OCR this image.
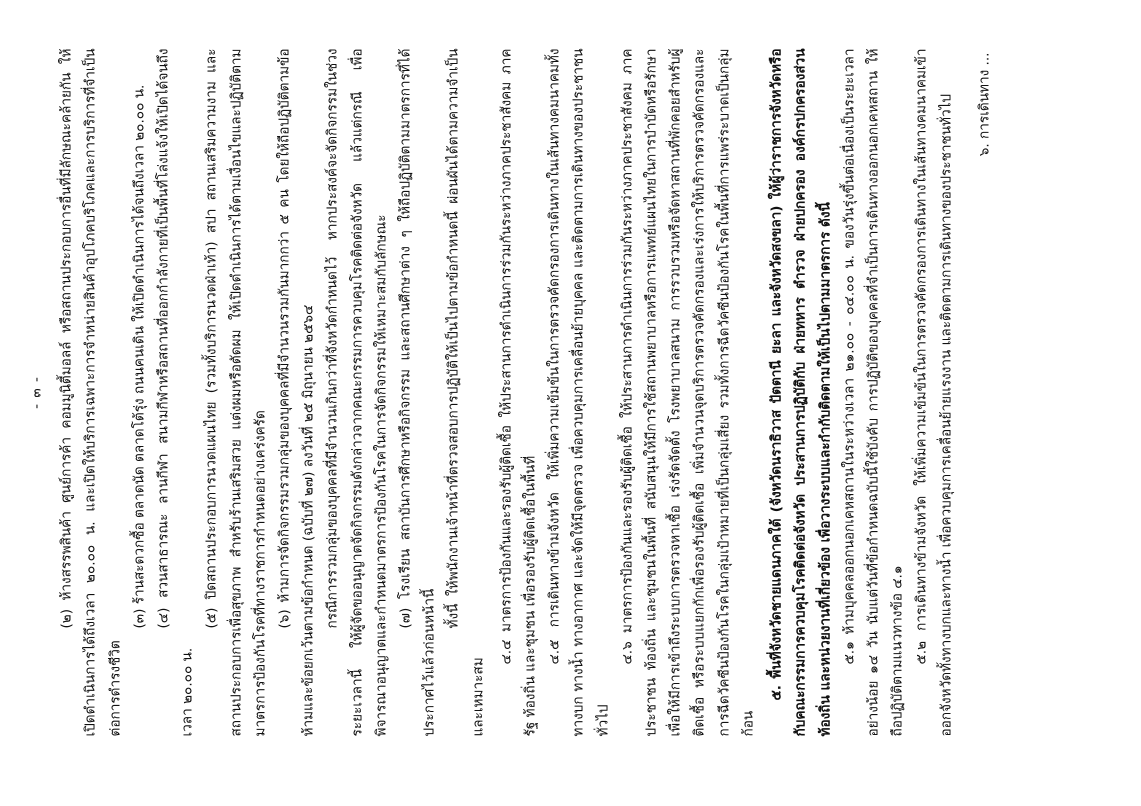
- ๓ -	(๒) ห้างสรรพสินค้า ศูนย์การค้า คอมมูนิตี้มอลล์ หรือสถานประกอบการอื่นที่มีลักษณะคล้ายกัน ให้เปิดดำเนินการได้ถึงเวลา ๒๐.๐๐ น. และเปิดให้บริการเฉพาะการจำหน่ายสินค้าอุปโภคบริโภคและการบริการที่จำเป็นต่อการดำรงชีวิต

(๓) ร้านสะดวกซื้อ ตลาดนัด ตลาดโต้รุ่ง ถนนคนเดิน ให้เปิดดำเนินการได้จนถึงเวลา ๒๐.๐๐ น. (๔) สวนสาธารณะ ลานกีฬา สนามกีฬาหรือสถานที่ออกกำลังกายที่เป็นพื้นที่โล่งแจ้งให้เปิดได้จนถึงเวลา ๒๐.๐๐ น.

(๕) ปิดสถานประกอบการนวดแผนไทย (รวมทั้งบริการนวดฝ่าเท้า) สปา สถานเสริมความงาม และสถานประกอบการเพื่อสุขภาพ สำหรับร้านเสริมสวย แต่งผมหรือตัดผม ให้เปิดดำเนินการได้ตามเงื่อนไขและปฏิบัติตามมาตรการป้องกันโรคที่ทางราชการกำหนดอย่างเคร่งครัด (๖) ห้ามการจัดกิจกรรมรวมกลุ่มของบุคคลที่มีจำนวนรวมกันมากกว่า ๕ คน โดยให้ถือปฏิบัติตามข้อห้ามและข้อยกเว้นตามข้อกำหนด (ฉบับที่ ๒๗) ลงวันที่ ๒๕ มิถุนายน ๒๕๖๔ กรณีการรวมกลุ่มของบุคคลที่มีจำนวนเกินกว่าที่จังหวัดกำหนดไว้ หากประสงค์จะจัดกิจกรรมในช่วงระยะเวลานี้ ให้ผู้จัดขออนุญาตจัดกิจกรรมดังกล่าวจากคณะกรรมการควบคุมโรคติดต่อจังหวัด แล้วแต่กรณี เพื่อพิจารณาอนุญาตและกำหนดมาตรการป้องกันโรคในการจัดกิจกรรมให้เหมาะสมกับลักษณะ (๗) โรงเรียน สถาบันการศึกษาหรือกิจกรรม และสถานศึกษาต่าง ๆ ให้ถือปฏิบัติตามมาตรการที่ได้ประกาศไว้แล้วก่อนหน้านี้

ทั้งนี้ ให้พนักงานเจ้าหน้าที่ตรวจสอบการปฏิบัติให้เป็นไปตามข้อกำหนดนี้ ผ่อนผันได้ตามความจำเป็นและเหมาะสม

๔.๔ มาตรการป้องกันและรองรับผู้ติดเชื้อ ให้ประสานการดำเนินการร่วมกันระหว่างภาคประชาสังคม ภาครัฐ ท้องถิ่น และชุมชน เพื่อรองรับผู้ติดเชื้อในพื้นที่ ๔.๕ การเดินทางข้ามจังหวัด ให้เพิ่มความเข้มข้นในการตรวจคัดกรองการเดินทางในเส้นทางคมนาคมทั้งทางบก ทางน้ำ ทางอากาศ และจัดให้มีจุดตรวจ เพื่อควบคุมการเคลื่อนย้ายบุคคล และติดตามการเดินทางของประชาชนทั่วไป

๔.๖ มาตรการป้องกันและรองรับผู้ติดเชื้อ ให้ประสานการดำเนินการร่วมกันระหว่างภาคประชาสังคม ภาคประชาชน ท้องถิ่น และชุมชนในพื้นที่ สนับสนุนให้มีการใช้สถานพยาบาลหรือการแพทย์แผนไทยในการบำบัดหรือรักษา เพื่อให้มีการเข้าถึงระบบการตรวจหาเชื้อ เร่งรัดจัดตั้ง โรงพยาบาลสนาม การรวบรวมหรือจัดหาสถานที่พักคอยสำหรับผู้ติดเชื้อ หรือระบบแยกกักเพื่อรองรับผู้ติดเชื้อ เพิ่มจำนวนจุดบริการตรวจคัดกรองและเร่งการให้บริการตรวจคัดกรองและการฉีดวัคซีนป้องกันโรคในกลุ่มเป้าหมายที่เป็นกลุ่มเสี่ยง รวมทั้งการฉีดวัคซีนป้องกันโรคในพื้นที่การแพร่ระบาดเป็นกลุ่มก้อน

๕. พื้นที่จังหวัดชายแดนภาคใต้ (จังหวัดนราธิวาส ปัตตานี ยะลา และจังหวัดสงขลา) ให้ผู้ว่าราชการจังหวัดหรือกับคณะกรรมการควบคุมโรคติดต่อจังหวัด ประสานการปฏิบัติกับ ฝ่ายทหาร ตำรวจ ฝ่ายปกครอง องค์กรปกครองส่วนท้องถิ่น และหน่วยงานที่เกี่ยวข้อง เพื่อวางระบบและกำกับติดตามให้เป็นไปตามมาตรการ ดังนี้ ๕.๑ ห้ามบุคคลออกนอกเคหสถานในระหว่างเวลา ๒๑.๐๐ - ๐๔.๐๐ น. ของวันรุ่งขึ้นต่อเนื่องเป็นระยะเวลาอย่างน้อย ๑๔ วัน นับแต่วันที่ข้อกำหนดฉบับนี้ใช้บังคับ การปฏิบัติของบุคคลที่จำเป็นการเดินทางออกนอกเคหสถาน ให้ถือปฏิบัติตามแนวทางข้อ ๔.๑ ๕.๒ การเดินทางข้ามจังหวัด ให้เพิ่มความเข้มข้นในการตรวจคัดกรองการเดินทางในเส้นทางคมนาคมเข้าออกจังหวัดทั้งทางบกและทางน้ำ เพื่อควบคุมการเคลื่อนย้ายแรงงาน และติดตามการเดินทางของประชาชนทั่วไป	๖. การเดินทาง ...
